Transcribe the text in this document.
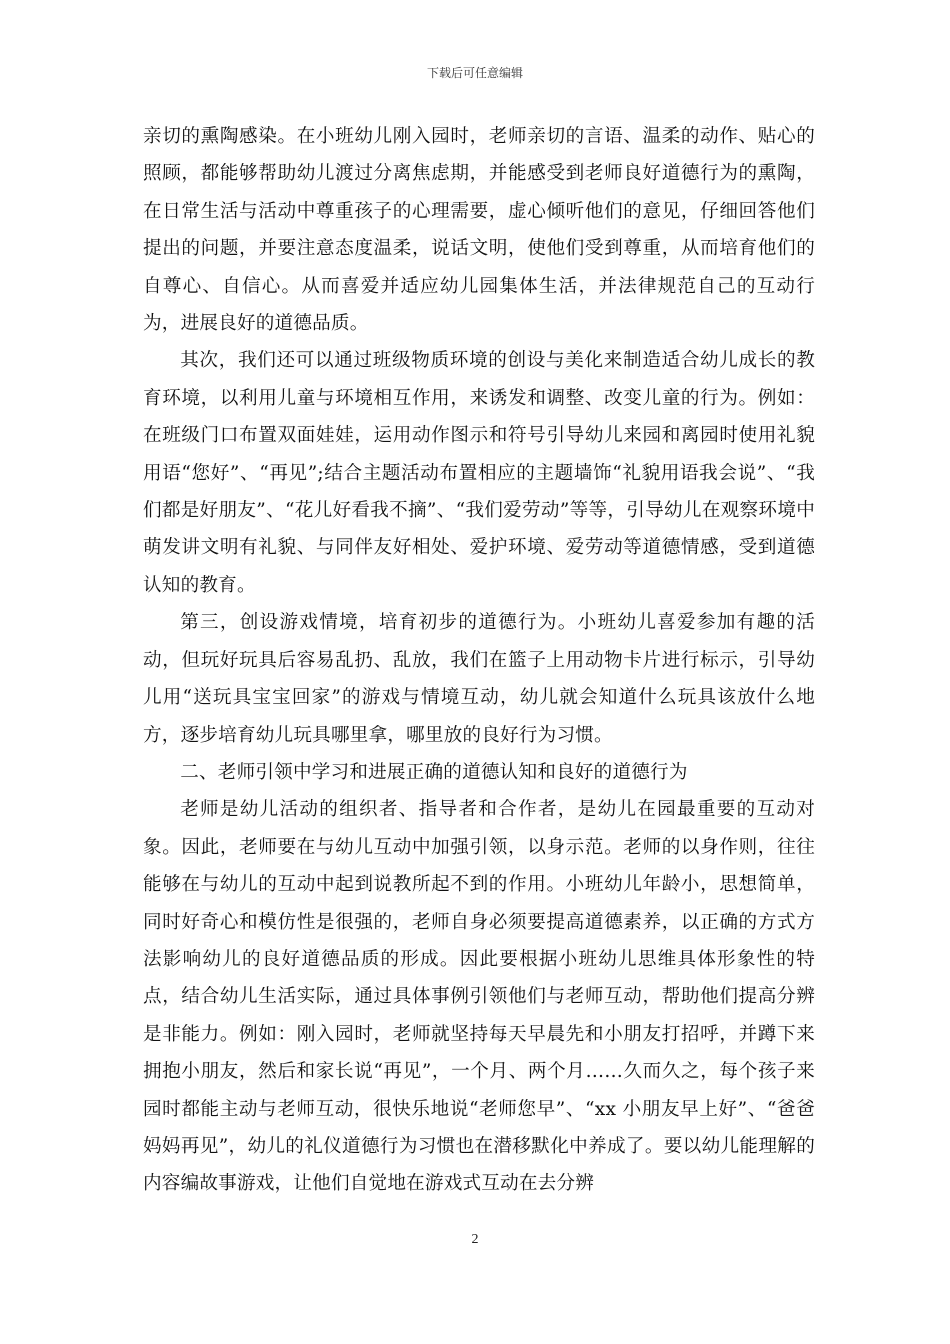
下载后可任意编辑

亲切的熏陶感染。在小班幼儿刚入园时，老师亲切的言语、温柔的动作、贴心的照顾，都能够帮助幼儿渡过分离焦虑期，并能感受到老师良好道德行为的熏陶，在日常生活与活动中尊重孩子的心理需要，虚心倾听他们的意见，仔细回答他们提出的问题，并要注意态度温柔，说话文明，使他们受到尊重，从而培育他们的自尊心、自信心。从而喜爱并适应幼儿园集体生活，并法律规范自己的互动行为，进展良好的道德品质。

其次，我们还可以通过班级物质环境的创设与美化来制造适合幼儿成长的教育环境，以利用儿童与环境相互作用，来诱发和调整、改变儿童的行为。例如：在班级门口布置双面娃娃，运用动作图示和符号引导幼儿来园和离园时使用礼貌用语“您好”、“再见”;结合主题活动布置相应的主题墙饰“礼貌用语我会说”、“我们都是好朋友”、“花儿好看我不摘”、“我们爱劳动”等等，引导幼儿在观察环境中萌发讲文明有礼貌、与同伴友好相处、爱护环境、爱劳动等道德情感，受到道德认知的教育。

第三，创设游戏情境，培育初步的道德行为。小班幼儿喜爱参加有趣的活动，但玩好玩具后容易乱扔、乱放，我们在篮子上用动物卡片进行标示，引导幼儿用“送玩具宝宝回家”的游戏与情境互动，幼儿就会知道什么玩具该放什么地方，逐步培育幼儿玩具哪里拿，哪里放的良好行为习惯。

二、老师引领中学习和进展正确的道德认知和良好的道德行为

老师是幼儿活动的组织者、指导者和合作者，是幼儿在园最重要的互动对象。因此，老师要在与幼儿互动中加强引领，以身示范。老师的以身作则，往往能够在与幼儿的互动中起到说教所起不到的作用。小班幼儿年龄小，思想简单，同时好奇心和模仿性是很强的，老师自身必须要提高道德素养，以正确的方式方法影响幼儿的良好道德品质的形成。因此要根据小班幼儿思维具体形象性的特点，结合幼儿生活实际，通过具体事例引领他们与老师互动，帮助他们提高分辨是非能力。例如：刚入园时，老师就坚持每天早晨先和小朋友打招呼，并蹲下来拥抱小朋友，然后和家长说“再见”，一个月、两个月……久而久之，每个孩子来园时都能主动与老师互动，很快乐地说“老师您早”、“xx 小朋友早上好”、“爸爸妈妈再见”，幼儿的礼仪道德行为习惯也在潜移默化中养成了。要以幼儿能理解的内容编故事游戏，让他们自觉地在游戏式互动在去分辨

2
